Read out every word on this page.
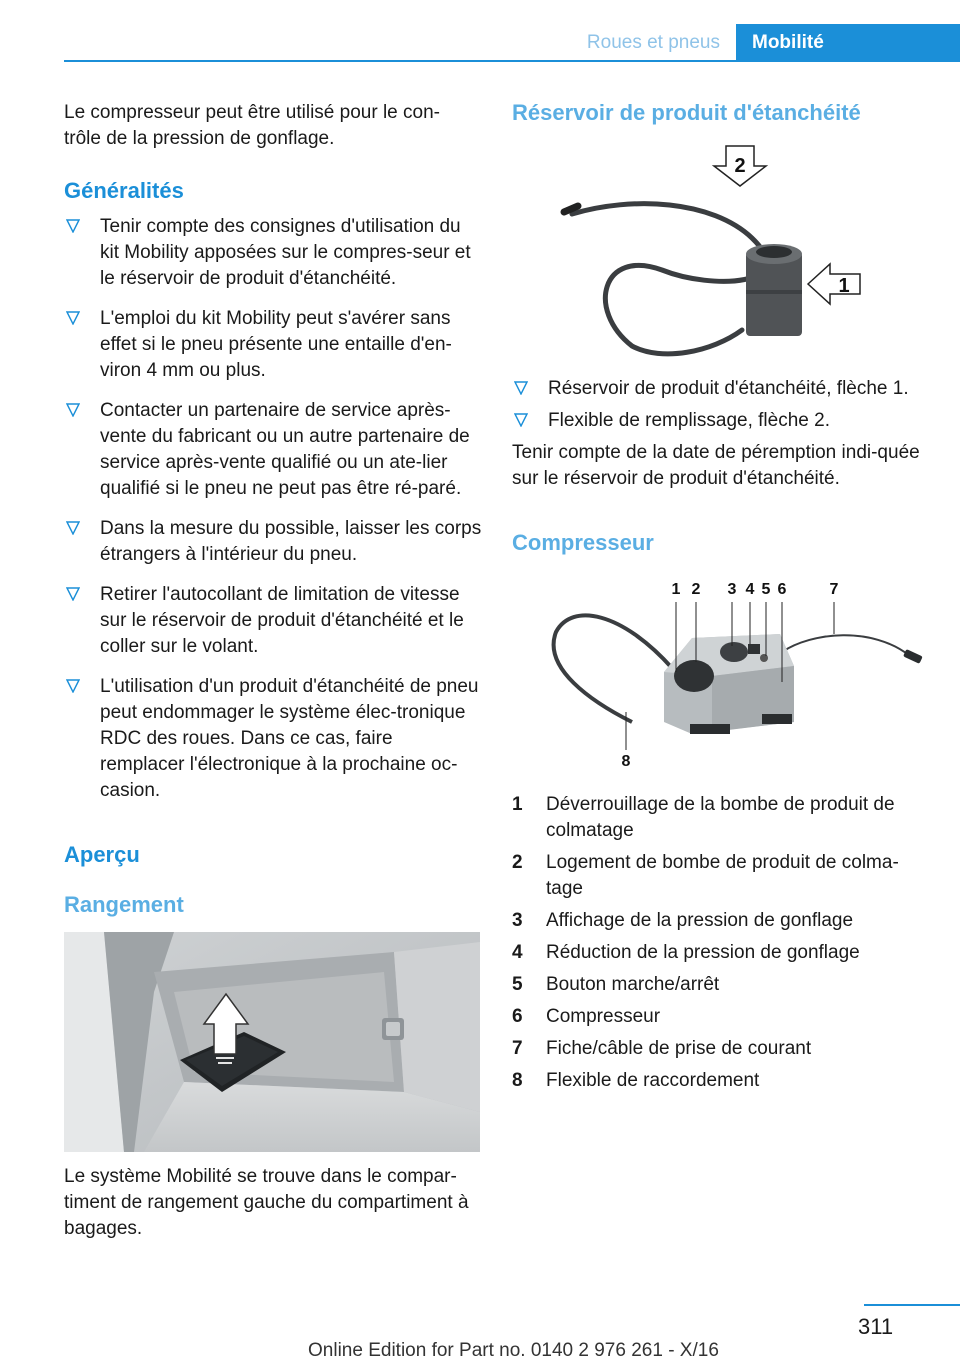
Roues et pneus	Mobilité

Le compresseur peut être utilisé pour le con-trôle de la pression de gonflage.

Généralités
Tenir compte des consignes d'utilisation du kit Mobility apposées sur le compres-seur et le réservoir de produit d'étanchéité.
L'emploi du kit Mobility peut s'avérer sans effet si le pneu présente une entaille d'en-viron 4 mm ou plus.
Contacter un partenaire de service après-vente du fabricant ou un autre partenaire de service après-vente qualifié ou un ate-lier qualifié si le pneu ne peut pas être ré-paré.
Dans la mesure du possible, laisser les corps étrangers à l'intérieur du pneu.
Retirer l'autocollant de limitation de vitesse sur le réservoir de produit d'étanchéité et le coller sur le volant.
L'utilisation d'un produit d'étanchéité de pneu peut endommager le système élec-tronique RDC des roues. Dans ce cas, faire remplacer l'électronique à la prochaine oc-casion.
Aperçu
Rangement

Le système Mobilité se trouve dans le compar-timent de rangement gauche du compartiment à bagages.

Réservoir de produit d'étanchéité
2
1
Réservoir de produit d'étanchéité, flèche 1.
Flexible de remplissage, flèche 2.

Tenir compte de la date de péremption indi-quée sur le réservoir de produit d'étanchéité.

Compresseur
1 2 3 4 5 6	7
8
1 Déverrouillage de la bombe de produit de colmatage
2 Logement de bombe de produit de colma-tage
3 Affichage de la pression de gonflage
4 Réduction de la pression de gonflage
5 Bouton marche/arrêt
6 Compresseur
7 Fiche/câble de prise de courant
8 Flexible de raccordement
311
Online Edition for Part no. 0140 2 976 261 - X/16
